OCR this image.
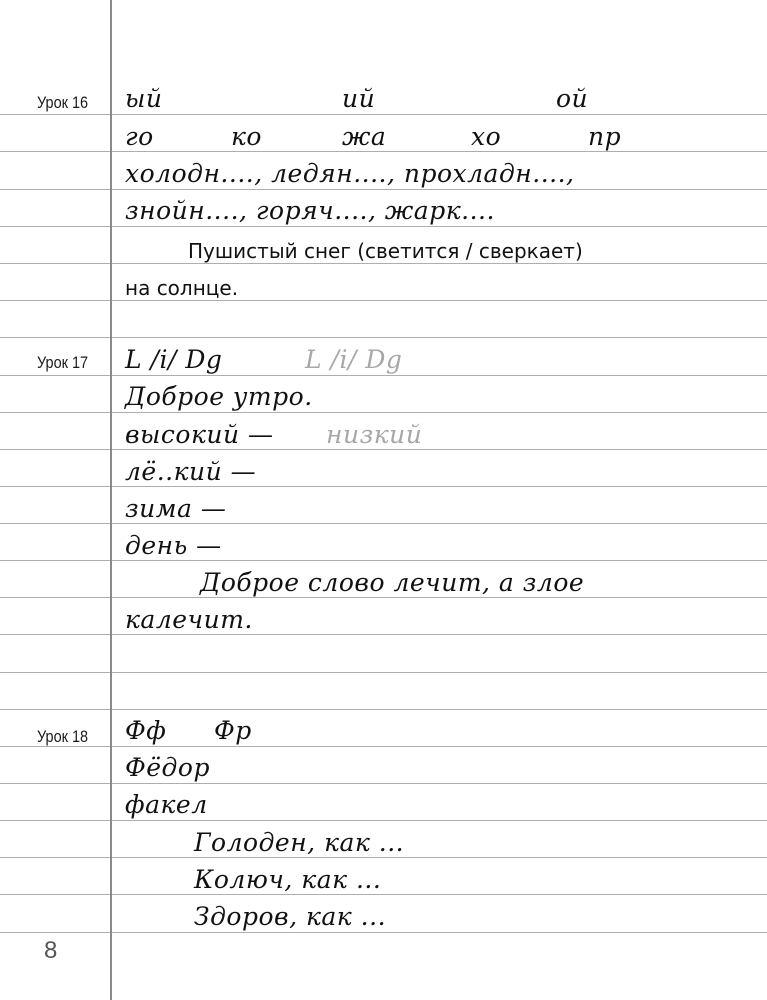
Урок 16	ый	ий	ой
го	ко	жа	хо	пр
холодн...., ледян...., прохладн....,
знойн...., горяч...., жарк....
Пушистый снег (светится / сверкает)
на солнце.
Урок 17	L /i/ Dg	L /i/ Dg
Доброе утро.
высокий — низкий
лё..кий —
зима —
день —
Доброе слово лечит, а злое
калечит.
Урок 18	Фф Фр
Фёдор
факел
Голоден, как ...
Колюч, как ...
Здоров, как ...
8
